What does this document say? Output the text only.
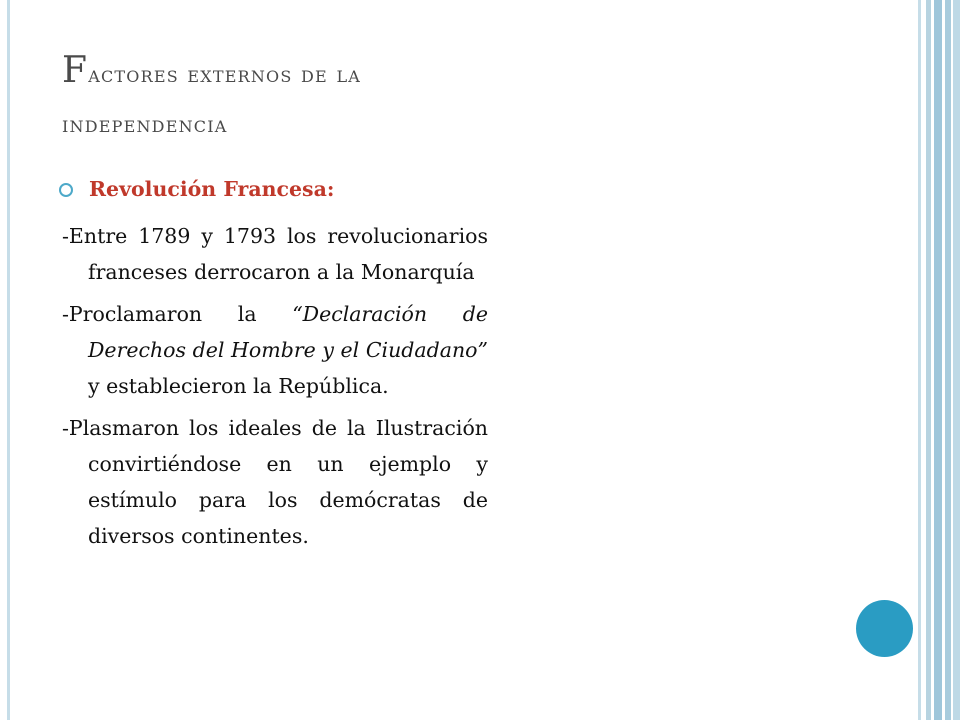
Factores externos de la
independencia
Revolución Francesa:

-Entre 1789 y 1793 los revolucionarios franceses derrocaron a la Monarquía

-Proclamaron la “Declaración de Derechos del Hombre y el Ciudadano” y establecieron la República.

-Plasmaron los ideales de la Ilustración convirtiéndose en un ejemplo y estímulo para los demócratas de diversos continentes.
